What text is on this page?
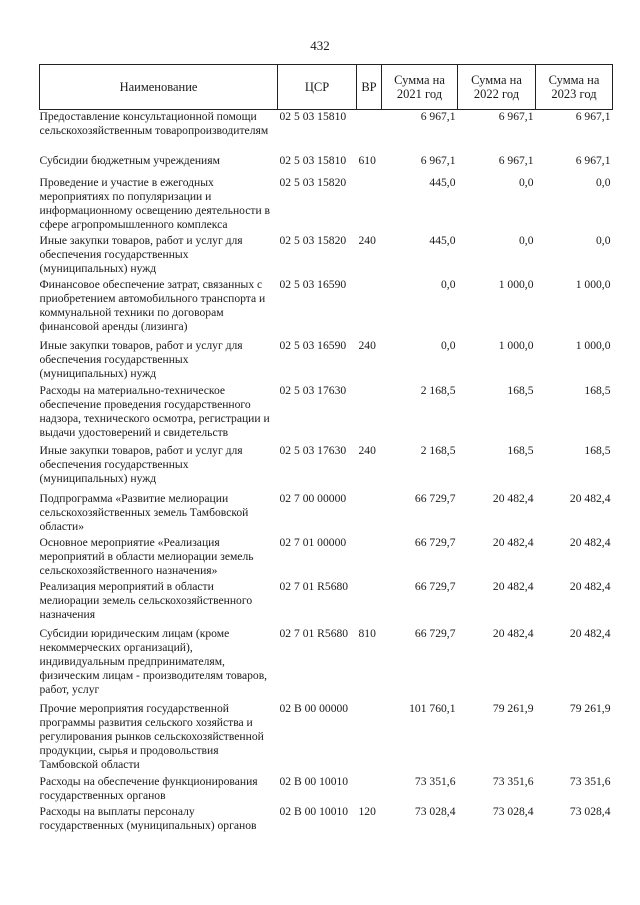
432
Наименование	ЦСР	ВР	Сумма на 2021 год	Сумма на 2022 год	Сумма на 2023 год
Предоставление консультационной помощи сельскохозяйственным товаропроизводителям	02 5 03 15810		6 967,1	6 967,1	6 967,1
Субсидии бюджетным учреждениям	02 5 03 15810	610	6 967,1	6 967,1	6 967,1
Проведение и участие в ежегодных мероприятиях по популяризации и информационному освещению деятельности в сфере агропромышленного комплекса	02 5 03 15820		445,0	0,0	0,0
Иные закупки товаров, работ и услуг для обеспечения государственных (муниципальных) нужд	02 5 03 15820	240	445,0	0,0	0,0
Финансовое обеспечение затрат, связанных с приобретением автомобильного транспорта и коммунальной техники по договорам финансовой аренды (лизинга)	02 5 03 16590		0,0	1 000,0	1 000,0
Иные закупки товаров, работ и услуг для обеспечения государственных (муниципальных) нужд	02 5 03 16590	240	0,0	1 000,0	1 000,0
Расходы на материально-техническое обеспечение проведения государственного надзора, технического осмотра, регистрации и выдачи удостоверений и свидетельств	02 5 03 17630		2 168,5	168,5	168,5
Иные закупки товаров, работ и услуг для обеспечения государственных (муниципальных) нужд	02 5 03 17630	240	2 168,5	168,5	168,5
Подпрограмма «Развитие мелиорации сельскохозяйственных земель Тамбовской области»	02 7 00 00000		66 729,7	20 482,4	20 482,4
Основное мероприятие «Реализация мероприятий в области мелиорации земель сельскохозяйственного назначения»	02 7 01 00000		66 729,7	20 482,4	20 482,4
Реализация мероприятий в области мелиорации земель сельскохозяйственного назначения	02 7 01 R5680		66 729,7	20 482,4	20 482,4
Субсидии юридическим лицам (кроме некоммерческих организаций), индивидуальным предпринимателям, физическим лицам - производителям товаров, работ, услуг	02 7 01 R5680	810	66 729,7	20 482,4	20 482,4
Прочие мероприятия государственной программы развития сельского хозяйства и регулирования рынков сельскохозяйственной продукции, сырья и продовольствия Тамбовской области	02 В 00 00000		101 760,1	79 261,9	79 261,9
Расходы на обеспечение функционирования государственных органов	02 В 00 10010		73 351,6	73 351,6	73 351,6
Расходы на выплаты персоналу государственных (муниципальных) органов	02 В 00 10010	120	73 028,4	73 028,4	73 028,4
